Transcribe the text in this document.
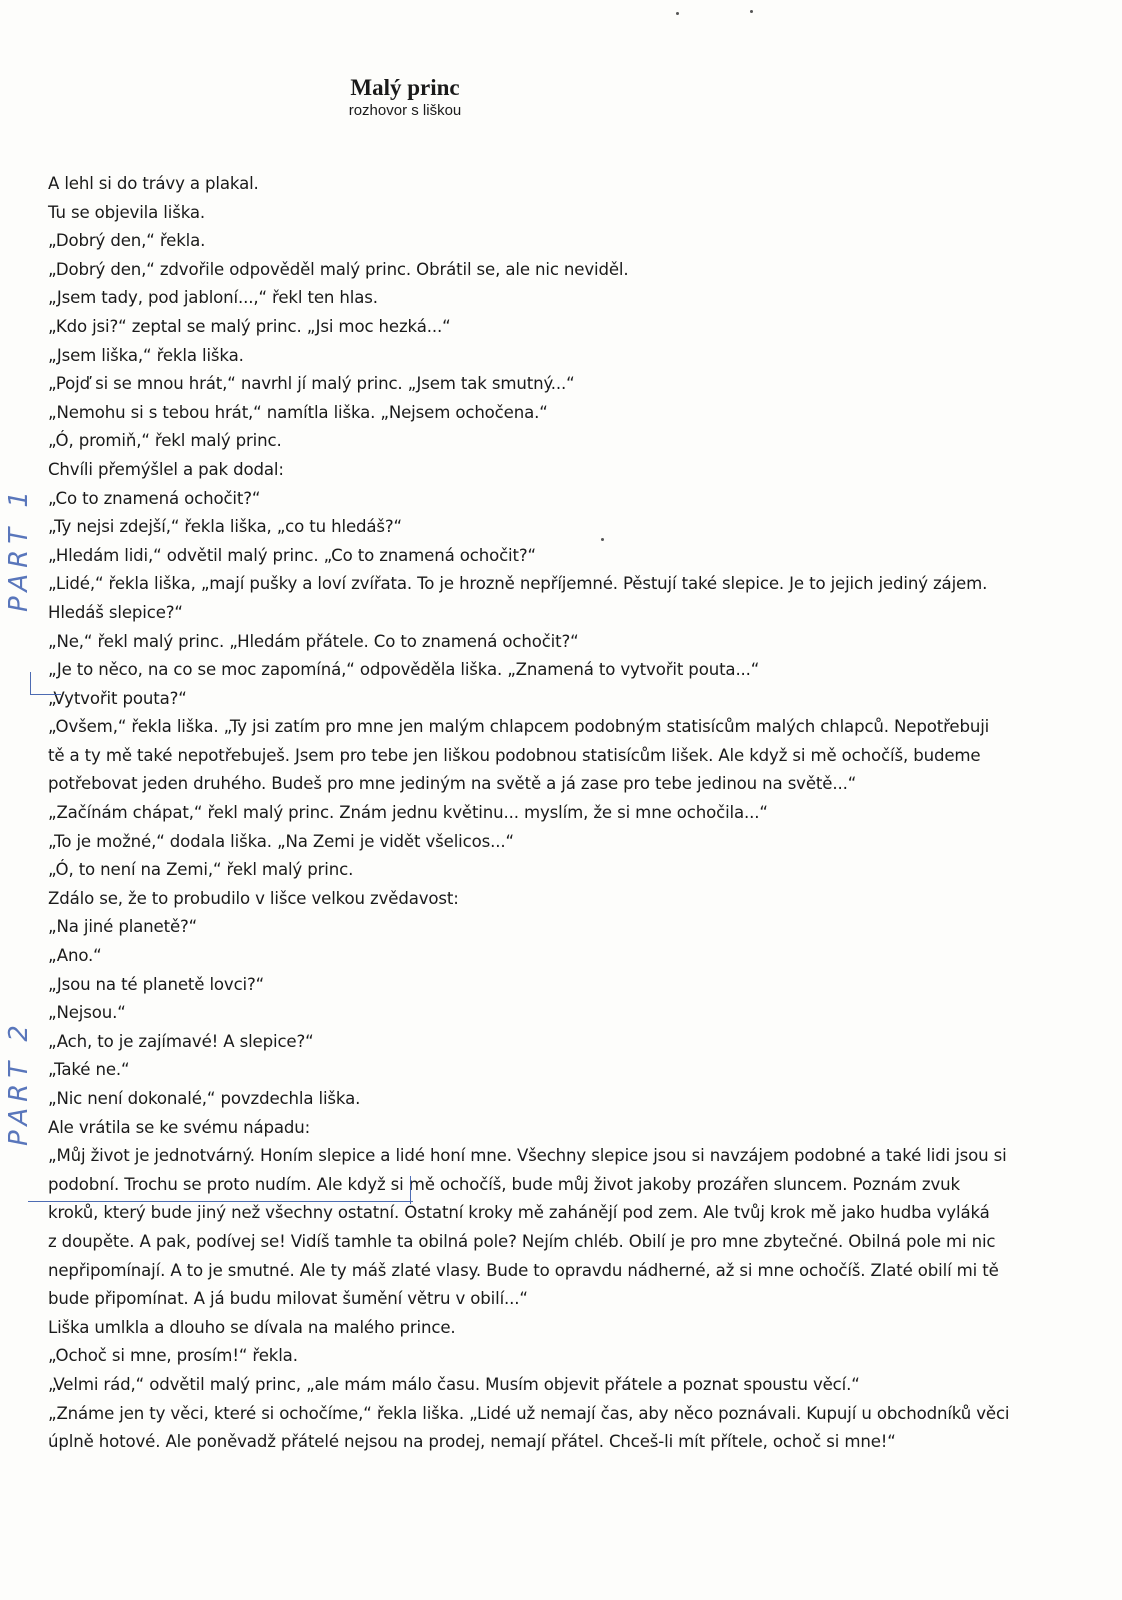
Malý princ

rozhovor s liškou

A lehl si do trávy a plakal.
Tu se objevila liška.
„Dobrý den,“ řekla.
„Dobrý den,“ zdvořile odpověděl malý princ. Obrátil se, ale nic neviděl.
„Jsem tady, pod jabloní...,“ řekl ten hlas.
„Kdo jsi?“ zeptal se malý princ. „Jsi moc hezká...“
„Jsem liška,“ řekla liška.
„Pojď si se mnou hrát,“ navrhl jí malý princ. „Jsem tak smutný...“
„Nemohu si s tebou hrát,“ namítla liška. „Nejsem ochočena.“
„Ó, promiň,“ řekl malý princ.
Chvíli přemýšlel a pak dodal:
„Co to znamená ochočit?“
„Ty nejsi zdejší,“ řekla liška, „co tu hledáš?“
„Hledám lidi,“ odvětil malý princ. „Co to znamená ochočit?“
„Lidé,“ řekla liška, „mají pušky a loví zvířata. To je hrozně nepříjemné. Pěstují také slepice. Je to jejich jediný zájem.
Hledáš slepice?“
„Ne,“ řekl malý princ. „Hledám přátele. Co to znamená ochočit?“
„Je to něco, na co se moc zapomíná,“ odpověděla liška. „Znamená to vytvořit pouta...“
„Vytvořit pouta?“
„Ovšem,“ řekla liška. „Ty jsi zatím pro mne jen malým chlapcem podobným statisícům malých chlapců. Nepotřebuji
tě a ty mě také nepotřebuješ. Jsem pro tebe jen liškou podobnou statisícům lišek. Ale když si mě ochočíš, budeme
potřebovat jeden druhého. Budeš pro mne jediným na světě a já zase pro tebe jedinou na světě...“
„Začínám chápat,“ řekl malý princ. Znám jednu květinu... myslím, že si mne ochočila...“
„To je možné,“ dodala liška. „Na Zemi je vidět všelicos...“
„Ó, to není na Zemi,“ řekl malý princ.
Zdálo se, že to probudilo v lišce velkou zvědavost:
„Na jiné planetě?“
„Ano.“
„Jsou na té planetě lovci?“
„Nejsou.“
„Ach, to je zajímavé! A slepice?“
„Také ne.“
„Nic není dokonalé,“ povzdechla liška.
Ale vrátila se ke svému nápadu:
„Můj život je jednotvárný. Honím slepice a lidé honí mne. Všechny slepice jsou si navzájem podobné a také lidi jsou si
podobní. Trochu se proto nudím. Ale když si mě ochočíš, bude můj život jakoby prozářen sluncem. Poznám zvuk
kroků, který bude jiný než všechny ostatní. Ostatní kroky mě zahánějí pod zem. Ale tvůj krok mě jako hudba vyláká
z doupěte. A pak, podívej se! Vidíš tamhle ta obilná pole? Nejím chléb. Obilí je pro mne zbytečné. Obilná pole mi nic
nepřipomínají. A to je smutné. Ale ty máš zlaté vlasy. Bude to opravdu nádherné, až si mne ochočíš. Zlaté obilí mi tě
bude připomínat. A já budu milovat šumění větru v obilí...“
Liška umlkla a dlouho se dívala na malého prince.
„Ochoč si mne, prosím!“ řekla.
„Velmi rád,“ odvětil malý princ, „ale mám málo času. Musím objevit přátele a poznat spoustu věcí.“
„Známe jen ty věci, které si ochočíme,“ řekla liška. „Lidé už nemají čas, aby něco poznávali. Kupují u obchodníků věci
úplně hotové. Ale poněvadž přátelé nejsou na prodej, nemají přátel. Chceš-li mít přítele, ochoč si mne!“
PART 1
PART 2
